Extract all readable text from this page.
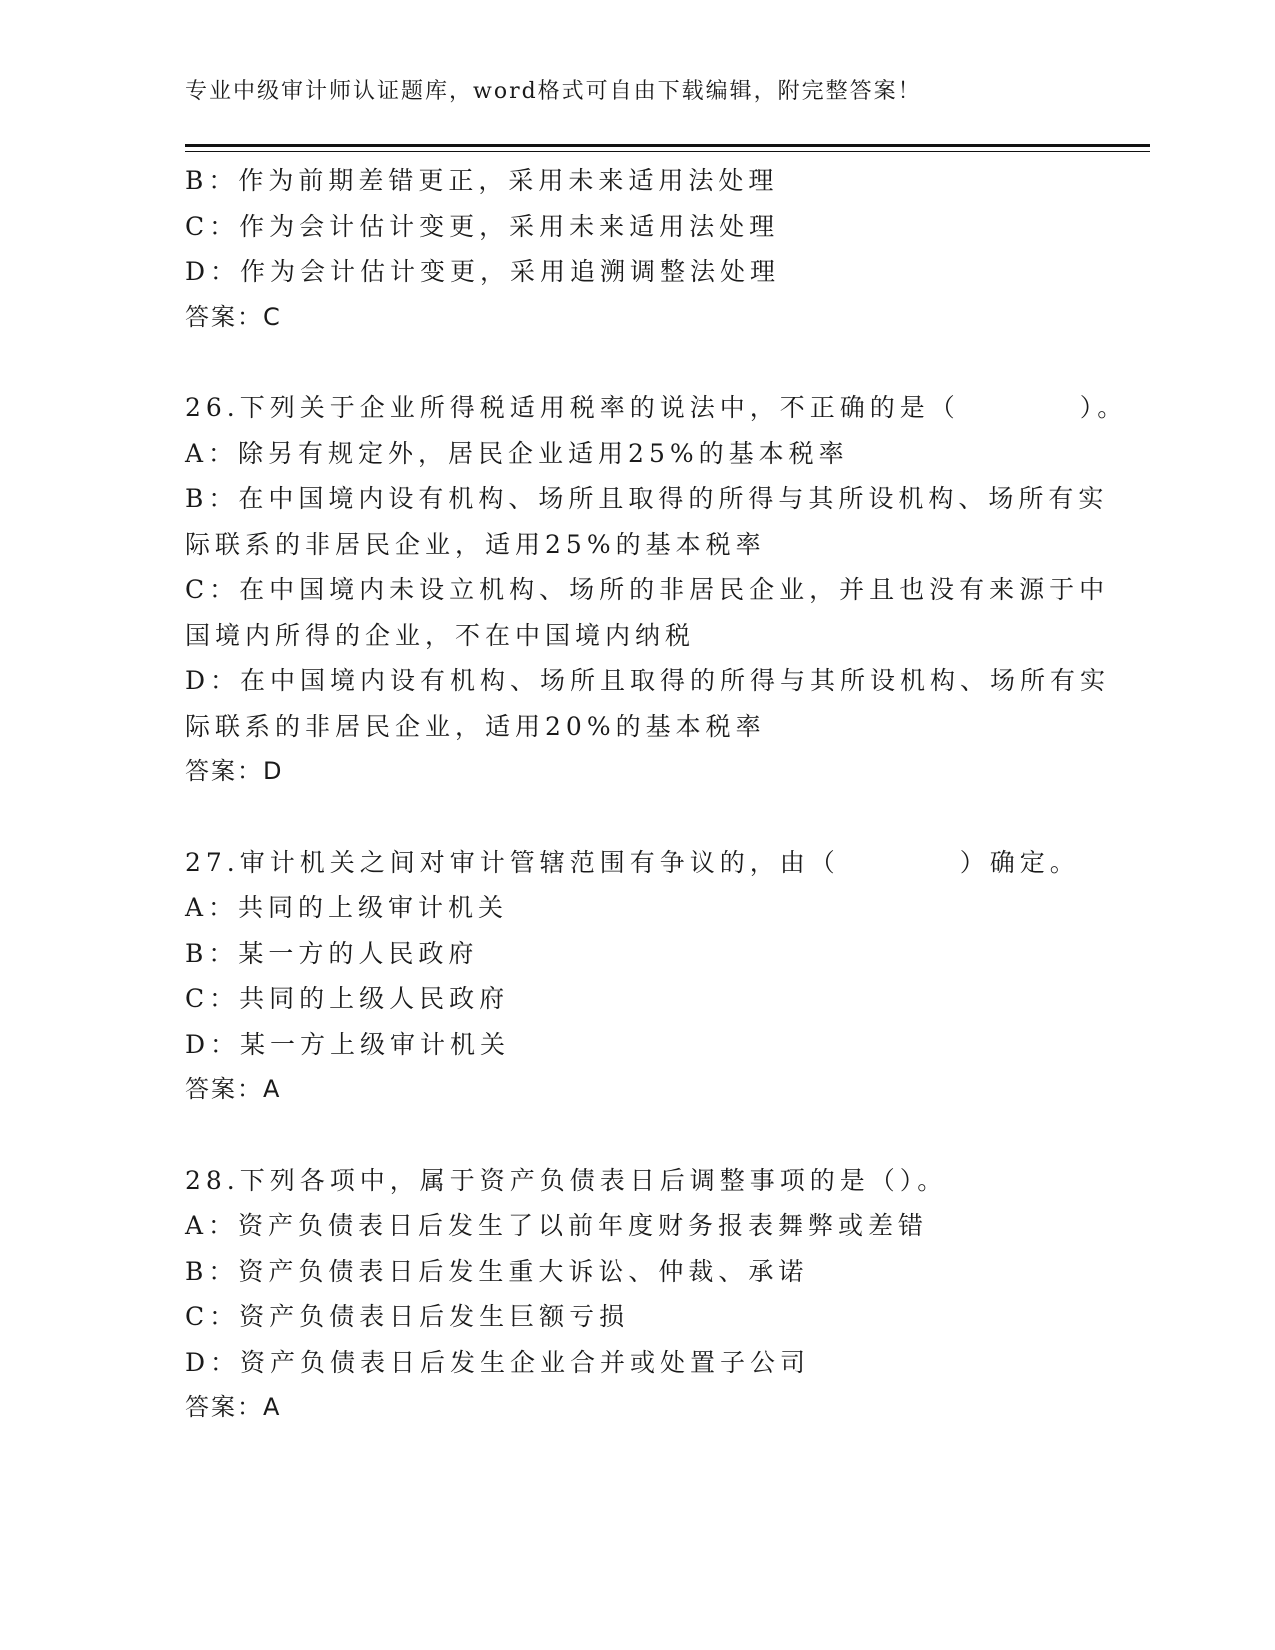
专业中级审计师认证题库，word格式可自由下载编辑，附完整答案！
B：作为前期差错更正，采用未来适用法处理
C：作为会计估计变更，采用未来适用法处理
D：作为会计估计变更，采用追溯调整法处理
答案：C
26.下列关于企业所得税适用税率的说法中，不正确的是（　　　　）。
A：除另有规定外，居民企业适用25%的基本税率
B：在中国境内设有机构、场所且取得的所得与其所设机构、场所有实
际联系的非居民企业，适用25%的基本税率
C：在中国境内未设立机构、场所的非居民企业，并且也没有来源于中
国境内所得的企业，不在中国境内纳税
D：在中国境内设有机构、场所且取得的所得与其所设机构、场所有实
际联系的非居民企业，适用20%的基本税率
答案：D
27.审计机关之间对审计管辖范围有争议的，由（　　　　）确定。
A：共同的上级审计机关
B：某一方的人民政府
C：共同的上级人民政府
D：某一方上级审计机关
答案：A
28.下列各项中，属于资产负债表日后调整事项的是（）。
A：资产负债表日后发生了以前年度财务报表舞弊或差错
B：资产负债表日后发生重大诉讼、仲裁、承诺
C：资产负债表日后发生巨额亏损
D：资产负债表日后发生企业合并或处置子公司
答案：A
